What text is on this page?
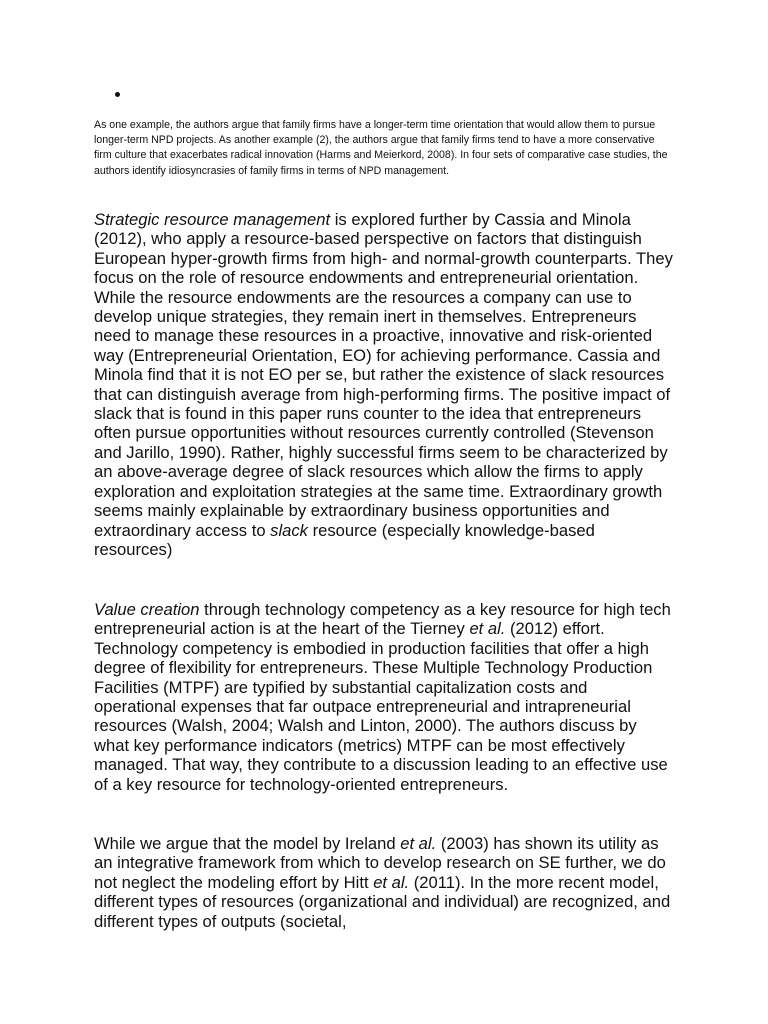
As one example, the authors argue that family firms have a longer-term time orientation that would allow them to pursue longer-term NPD projects. As another example (2), the authors argue that family firms tend to have a more conservative firm culture that exacerbates radical innovation (Harms and Meierkord, 2008). In four sets of comparative case studies, the authors identify idiosyncrasies of family firms in terms of NPD management.

Strategic resource management is explored further by Cassia and Minola (2012), who apply a resource-based perspective on factors that distinguish European hyper-growth firms from high- and normal-growth counterparts. They focus on the role of resource endowments and entrepreneurial orientation. While the resource endowments are the resources a company can use to develop unique strategies, they remain inert in themselves. Entrepreneurs need to manage these resources in a proactive, innovative and risk-oriented way (Entrepreneurial Orientation, EO) for achieving performance. Cassia and Minola find that it is not EO per se, but rather the existence of slack resources that can distinguish average from high-performing firms. The positive impact of slack that is found in this paper runs counter to the idea that entrepreneurs often pursue opportunities without resources currently controlled (Stevenson and Jarillo, 1990). Rather, highly successful firms seem to be characterized by an above-average degree of slack resources which allow the firms to apply exploration and exploitation strategies at the same time. Extraordinary growth seems mainly explainable by extraordinary business opportunities and extraordinary access to slack resource (especially knowledge-based resources)

Value creation through technology competency as a key resource for high tech entrepreneurial action is at the heart of the Tierney et al. (2012) effort. Technology competency is embodied in production facilities that offer a high degree of flexibility for entrepreneurs. These Multiple Technology Production Facilities (MTPF) are typified by substantial capitalization costs and operational expenses that far outpace entrepreneurial and intrapreneurial resources (Walsh, 2004; Walsh and Linton, 2000). The authors discuss by what key performance indicators (metrics) MTPF can be most effectively managed. That way, they contribute to a discussion leading to an effective use of a key resource for technology-oriented entrepreneurs.

While we argue that the model by Ireland et al. (2003) has shown its utility as an integrative framework from which to develop research on SE further, we do not neglect the modeling effort by Hitt et al. (2011). In the more recent model, different types of resources (organizational and individual) are recognized, and different types of outputs (societal,
